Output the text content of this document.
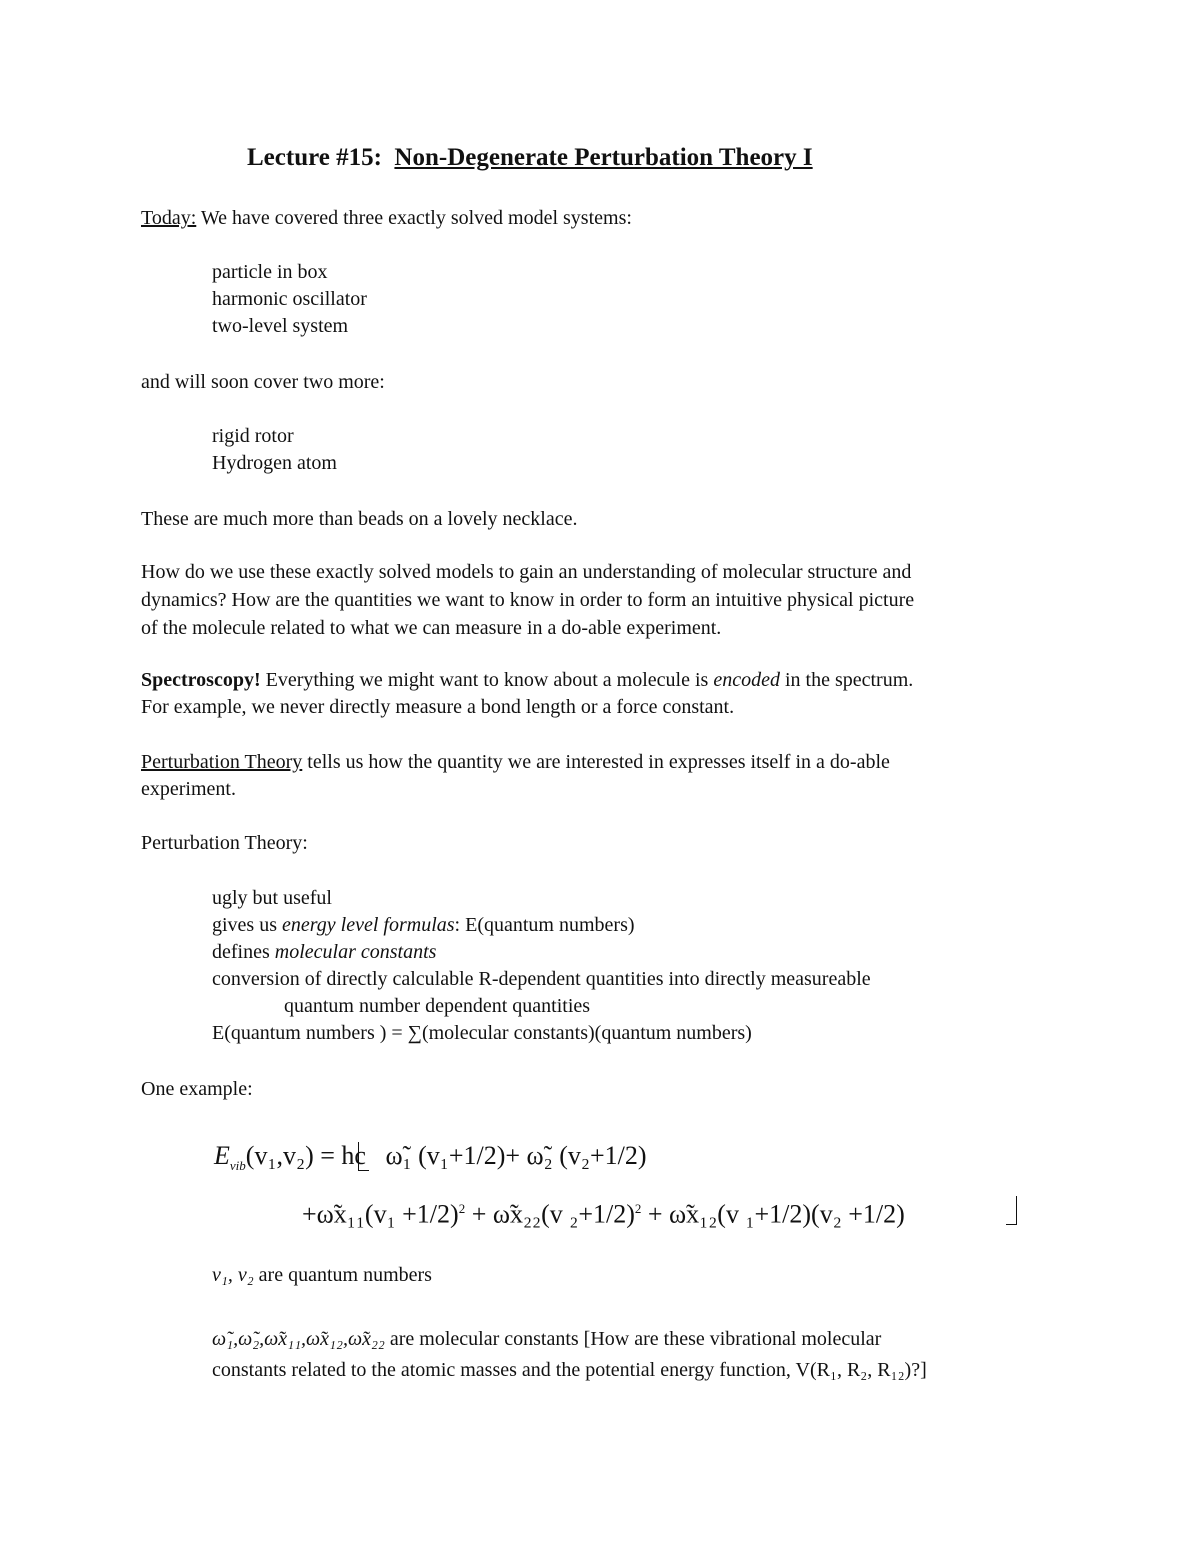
Lecture #15: Non-Degenerate Perturbation Theory I
Today: We have covered three exactly solved model systems:
particle in box
harmonic oscillator
two-level system
and will soon cover two more:
rigid rotor
Hydrogen atom
These are much more than beads on a lovely necklace.
How do we use these exactly solved models to gain an understanding of molecular structure and
dynamics? How are the quantities we want to know in order to form an intuitive physical picture
of the molecule related to what we can measure in a do-able experiment.
Spectroscopy! Everything we might want to know about a molecule is encoded in the spectrum.
For example, we never directly measure a bond length or a force constant.
Perturbation Theory tells us how the quantity we are interested in expresses itself in a do-able
experiment.
Perturbation Theory:
ugly but useful
gives us energy level formulas: E(quantum numbers)
defines molecular constants
conversion of directly calculable R-dependent quantities into directly measureable
quantum number dependent quantities
E(quantum numbers ) = ∑(molecular constants)(quantum numbers)
One example:
$E_{vib}(v_1,v_2)$ = hc ω̃₁ (v₁+1/2)+ ω̃₂ (v₂+1/2)
+ω̃x₁₁(v₁ +1/2)$^2$ + ω̃x₂₂(v ₂+1/2)$^2$ + ω̃x₁₂(v ₁+1/2)(v₂ +1/2)
v₁, v₂ are quantum numbers
ω̃₁,ω̃₂,ω̃x₁₁,ω̃x₁₂,ω̃x₂₂ are molecular constants [How are these vibrational molecular
constants related to the atomic masses and the potential energy function, V(R₁, R₂, R₁₂)?]
